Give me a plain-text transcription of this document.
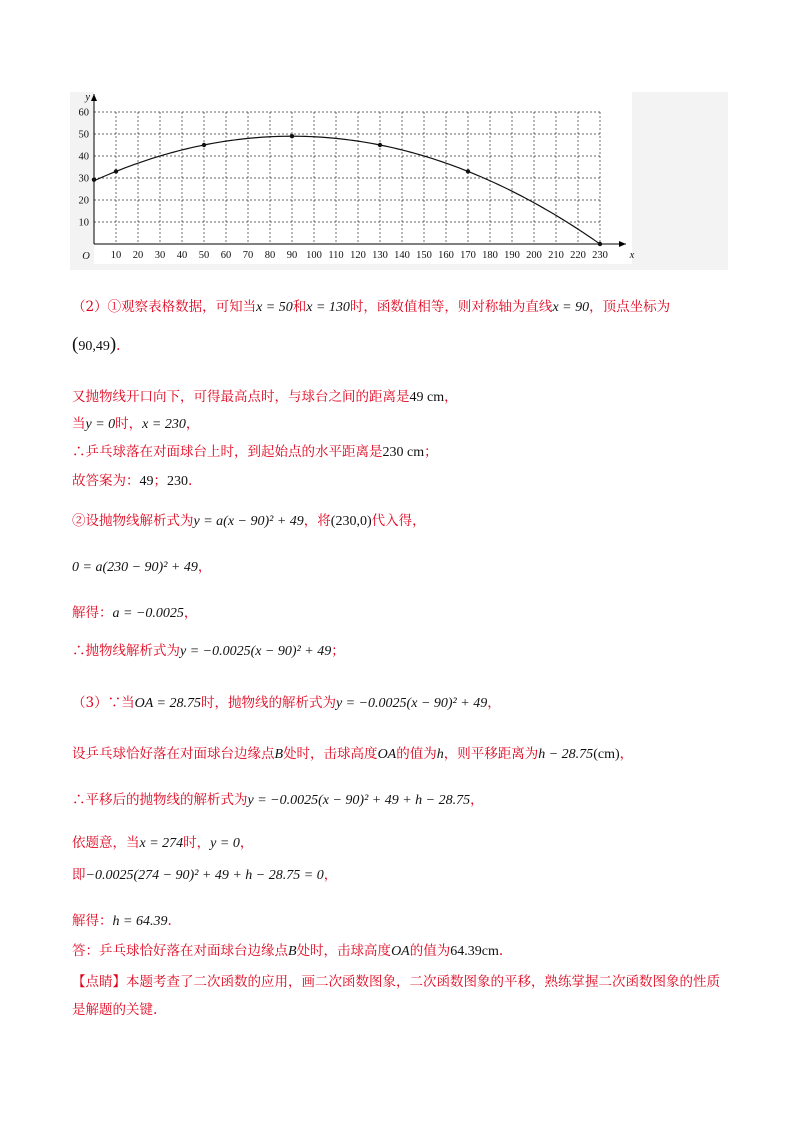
10 20 30 40 50 60 70 80 90 100 110 120 130 140 150 160 170 180 190 200 210 220 230
10
20
30
40
50
60
O	x
y
（2）①观察表格数据，可知当x = 50和x = 130时，函数值相等，则对称轴为直线x = 90，顶点坐标为
(90,49).
又抛物线开口向下，可得最高点时，与球台之间的距离是49 cm，
当y = 0时，x = 230，
∴乒乓球落在对面球台上时，到起始点的水平距离是230 cm；
故答案为：49；230.
②设抛物线解析式为y = a(x − 90)² + 49，将(230,0)代入得，
0 = a(230 − 90)² + 49，
解得：a = −0.0025，
∴抛物线解析式为y = −0.0025(x − 90)² + 49；
（3）∵当OA = 28.75时，抛物线的解析式为y = −0.0025(x − 90)² + 49，
设乒乓球恰好落在对面球台边缘点B处时，击球高度OA的值为h，则平移距离为h − 28.75(cm)，
∴平移后的抛物线的解析式为y = −0.0025(x − 90)² + 49 + h − 28.75，
依题意，当x = 274时，y = 0，
即−0.0025(274 − 90)² + 49 + h − 28.75 = 0，
解得：h = 64.39.
答：乒乓球恰好落在对面球台边缘点B处时，击球高度OA的值为64.39cm.
【点睛】本题考查了二次函数的应用，画二次函数图象，二次函数图象的平移，熟练掌握二次函数图象的性质是解题的关键.
